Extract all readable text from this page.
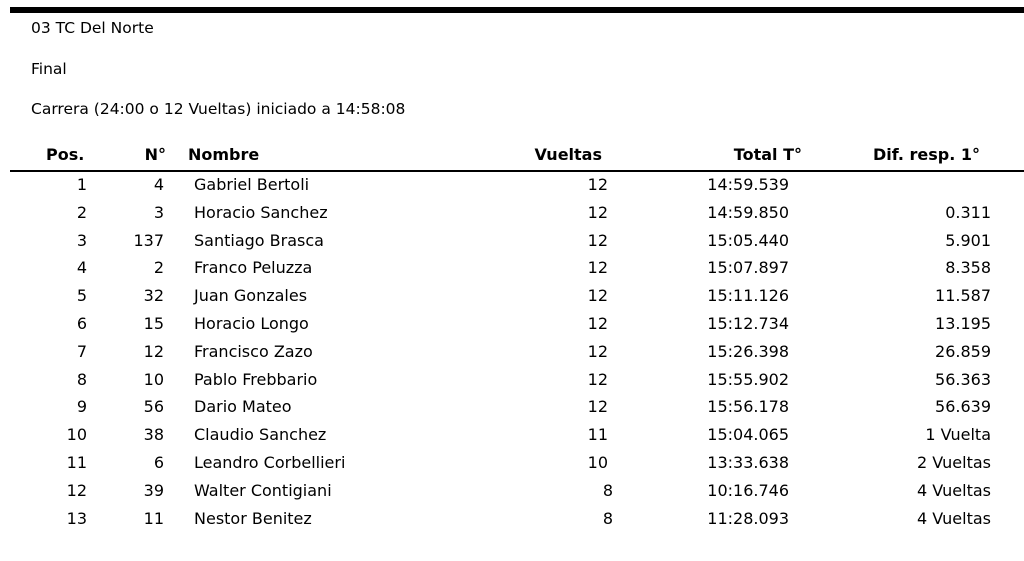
03 TC Del Norte
Final
Carrera (24:00 o 12 Vueltas) iniciado a 14:58:08
Pos.	N° Nombre	Vueltas	Total T°	Dif. resp. 1°
1	4 Gabriel Bertoli	12	14:59.539
2	3 Horacio Sanchez	12	14:59.850	0.311
3	137 Santiago Brasca	12	15:05.440	5.901
4	2 Franco Peluzza	12	15:07.897	8.358
5	32 Juan Gonzales	12	15:11.126	11.587
6	15 Horacio Longo	12	15:12.734	13.195
7	12 Francisco Zazo	12	15:26.398	26.859
8	10 Pablo Frebbario	12	15:55.902	56.363
9	56 Dario Mateo	12	15:56.178	56.639
10	38 Claudio Sanchez	11	15:04.065	1 Vuelta
11	6 Leandro Corbellieri	10	13:33.638	2 Vueltas
12	39 Walter Contigiani	8	10:16.746	4 Vueltas
13	11 Nestor Benitez	8	11:28.093	4 Vueltas
